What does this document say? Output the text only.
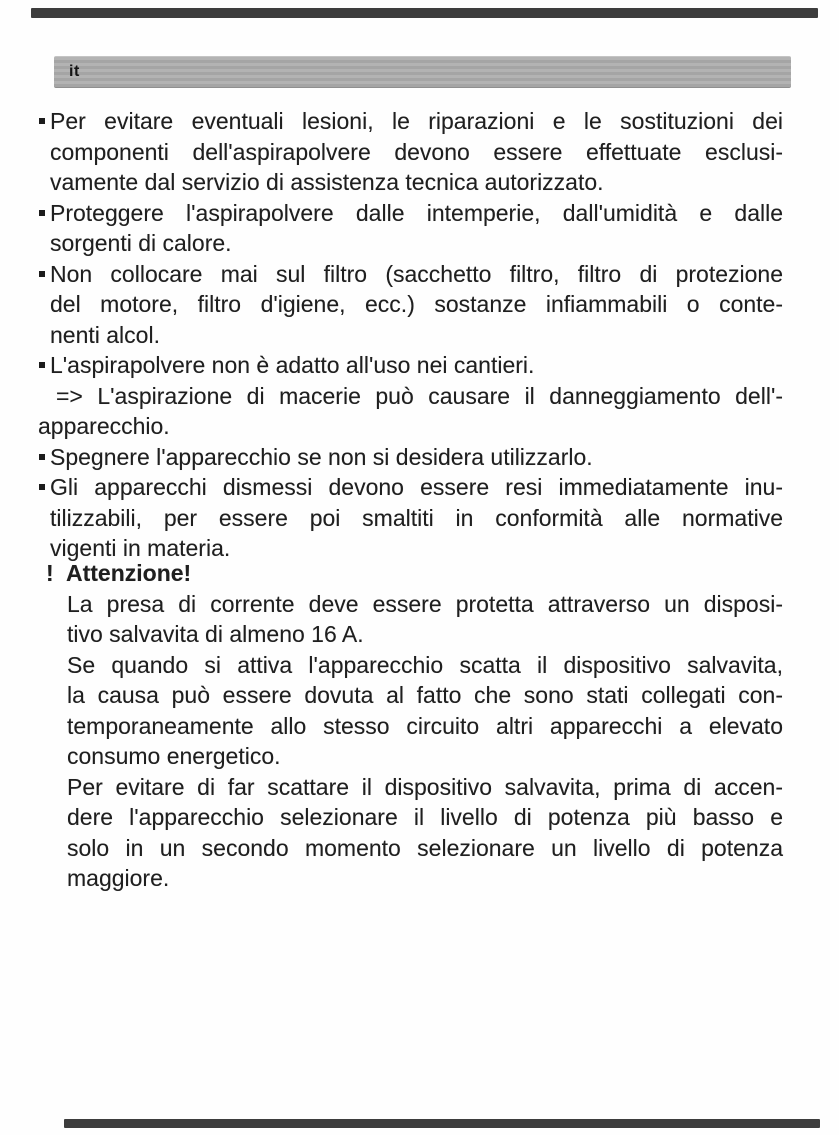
it
Per evitare eventuali lesioni, le riparazioni e le sostituzioni dei
componenti dell'aspirapolvere devono essere effettuate esclusi-
vamente dal servizio di assistenza tecnica autorizzato.
Proteggere l'aspirapolvere dalle intemperie, dall'umidità e dalle
sorgenti di calore.
Non collocare mai sul filtro (sacchetto filtro, filtro di protezione
del motore, filtro d'igiene, ecc.) sostanze infiammabili o conte-
nenti alcol.
L'aspirapolvere non è adatto all'uso nei cantieri.
=> L'aspirazione di macerie può causare il danneggiamento dell'-
apparecchio.
Spegnere l'apparecchio se non si desidera utilizzarlo.
Gli apparecchi dismessi devono essere resi immediatamente inu-
tilizzabili, per essere poi smaltiti in conformità alle normative
vigenti in materia.
! Attenzione!
La presa di corrente deve essere protetta attraverso un disposi-
tivo salvavita di almeno 16 A.
Se quando si attiva l'apparecchio scatta il dispositivo salvavita,
la causa può essere dovuta al fatto che sono stati collegati con-
temporaneamente allo stesso circuito altri apparecchi a elevato
consumo energetico.
Per evitare di far scattare il dispositivo salvavita, prima di accen-
dere l'apparecchio selezionare il livello di potenza più basso e
solo in un secondo momento selezionare un livello di potenza
maggiore.
